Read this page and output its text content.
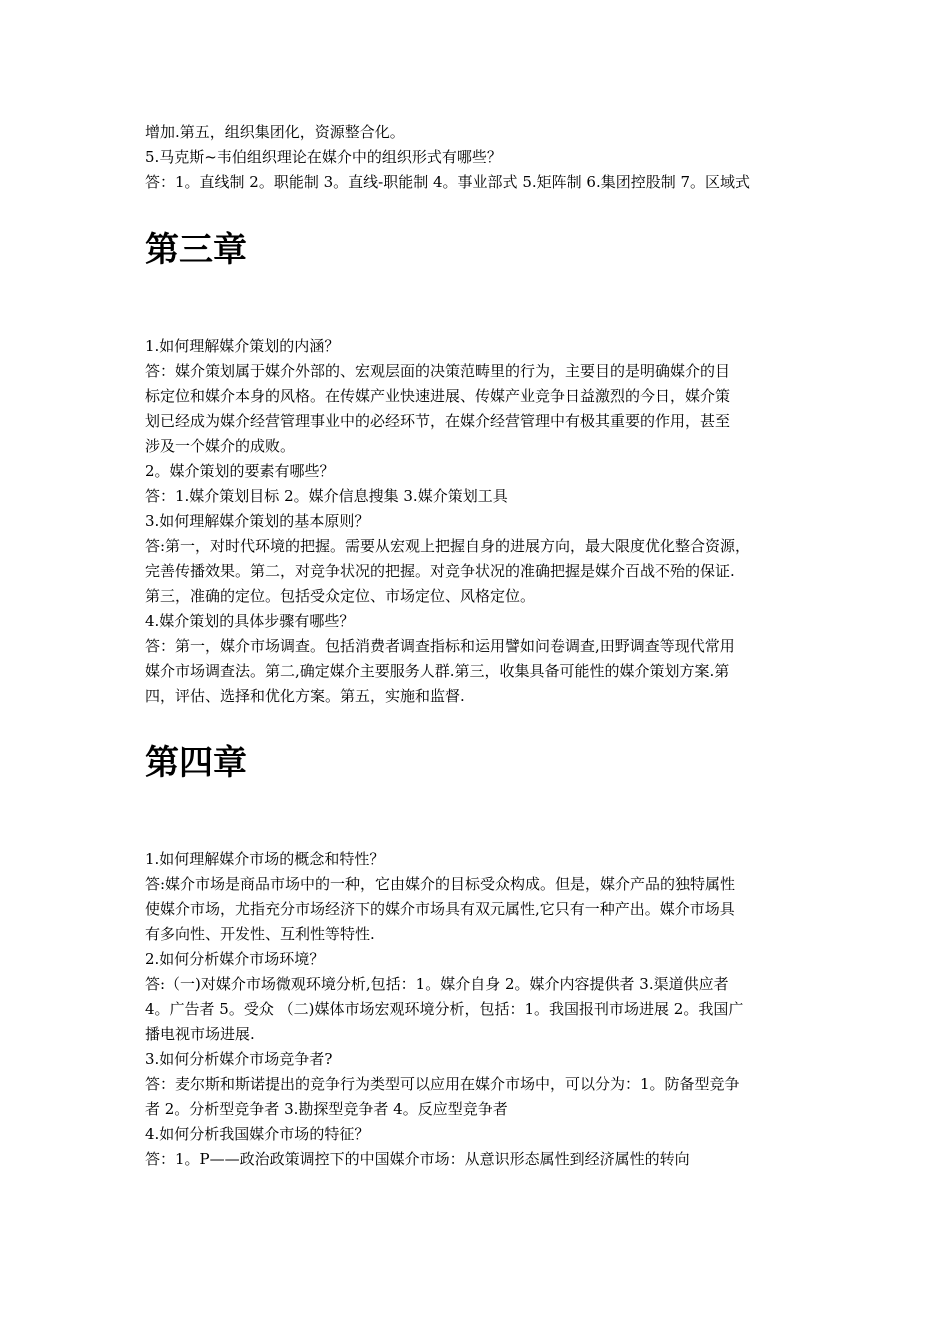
增加.第五，组织集团化，资源整合化。
5.马克斯~韦伯组织理论在媒介中的组织形式有哪些？
答：1。直线制 2。职能制 3。直线-职能制 4。事业部式 5.矩阵制 6.集团控股制 7。区域式
第三章
1.如何理解媒介策划的内涵？
答：媒介策划属于媒介外部的、宏观层面的决策范畴里的行为，主要目的是明确媒介的目
标定位和媒介本身的风格。在传媒产业快速进展、传媒产业竞争日益激烈的今日，媒介策
划已经成为媒介经营管理事业中的必经环节，在媒介经营管理中有极其重要的作用，甚至
涉及一个媒介的成败。
2。媒介策划的要素有哪些？
答：1.媒介策划目标 2。媒介信息搜集 3.媒介策划工具
3.如何理解媒介策划的基本原则？
答:第一，对时代环境的把握。需要从宏观上把握自身的进展方向，最大限度优化整合资源，
完善传播效果。第二，对竞争状况的把握。对竞争状况的准确把握是媒介百战不殆的保证.
第三，准确的定位。包括受众定位、市场定位、风格定位。
4.媒介策划的具体步骤有哪些？
答：第一，媒介市场调查。包括消费者调查指标和运用譬如问卷调查,田野调查等现代常用
媒介市场调查法。第二,确定媒介主要服务人群.第三，收集具备可能性的媒介策划方案.第
四，评估、选择和优化方案。第五，实施和监督.
第四章
1.如何理解媒介市场的概念和特性？
答:媒介市场是商品市场中的一种，它由媒介的目标受众构成。但是，媒介产品的独特属性
使媒介市场，尤指充分市场经济下的媒介市场具有双元属性,它只有一种产出。媒介市场具
有多向性、开发性、互利性等特性.
2.如何分析媒介市场环境？
答:（一)对媒介市场微观环境分析,包括：1。媒介自身 2。媒介内容提供者 3.渠道供应者
4。广告者 5。受众 （二)媒体市场宏观环境分析，包括：1。我国报刊市场进展 2。我国广
播电视市场进展.
3.如何分析媒介市场竞争者?
答：麦尔斯和斯诺提出的竞争行为类型可以应用在媒介市场中，可以分为：1。防备型竞争
者 2。分析型竞争者 3.勘探型竞争者 4。反应型竞争者
4.如何分析我国媒介市场的特征？
答：1。P——政治政策调控下的中国媒介市场：从意识形态属性到经济属性的转向
